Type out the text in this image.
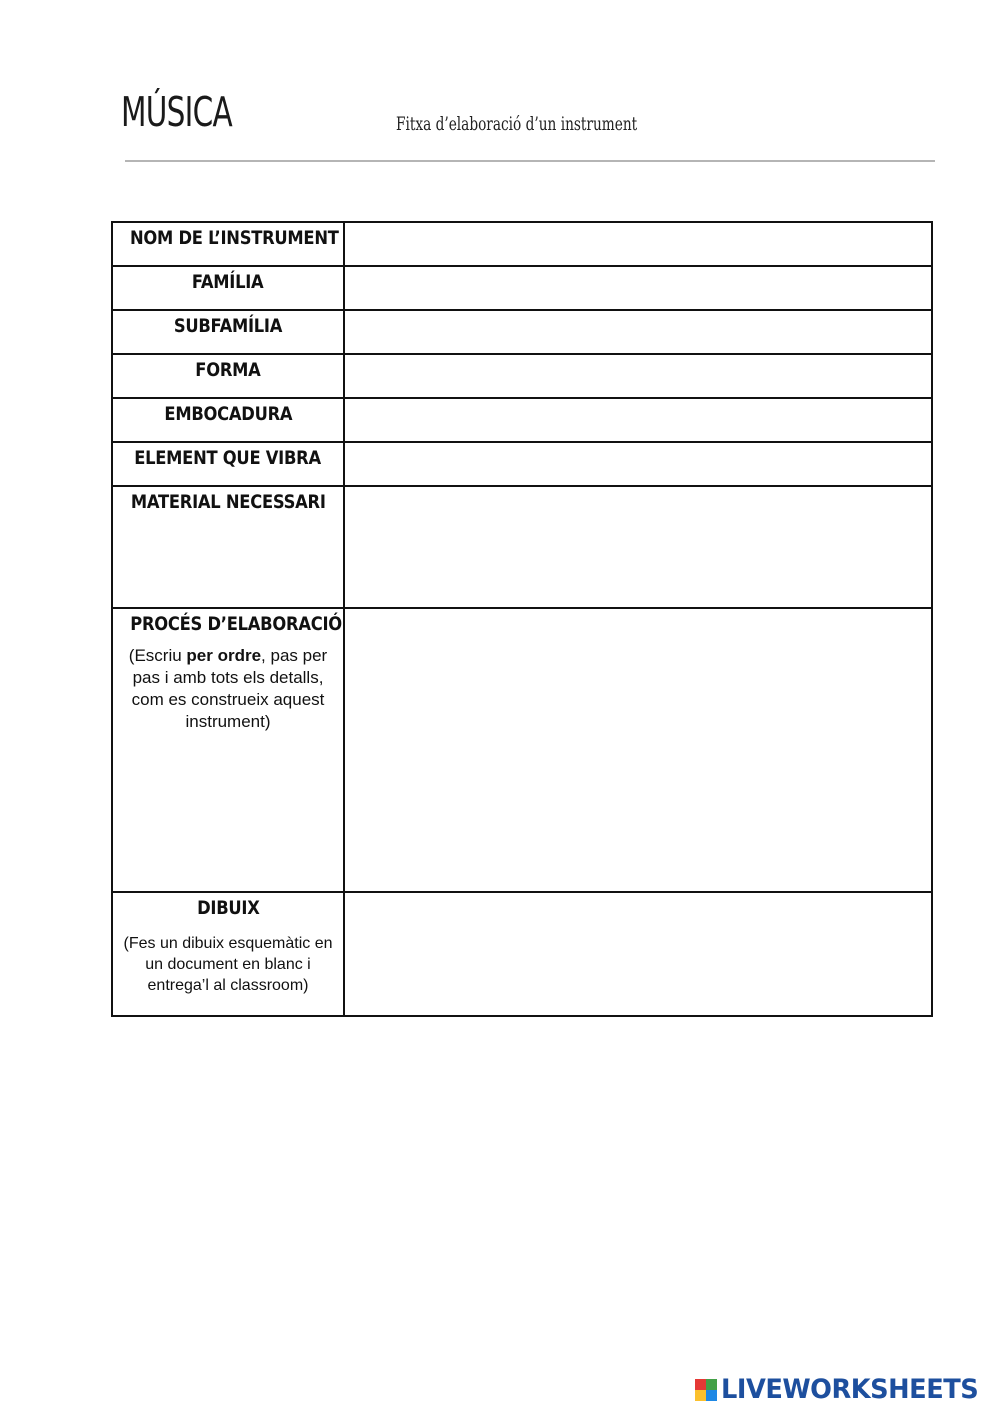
MÚSICA	Fitxa d’elaboració d’un instrument
NOM DE L’INSTRUMENT	
FAMÍLIA	
SUBFAMÍLIA	
FORMA	
EMBOCADURA	
ELEMENT QUE VIBRA	
MATERIAL NECESSARI	
PROCÉS D’ELABORACIÓ
(Escriu per ordre, pas per pas i amb tots els detalls, com es construeix aquest instrument)	

DIBUIX
(Fes un dibuix esquemàtic en un document en blanc i entrega’l al classroom)	

LIVEWORKSHEETS
